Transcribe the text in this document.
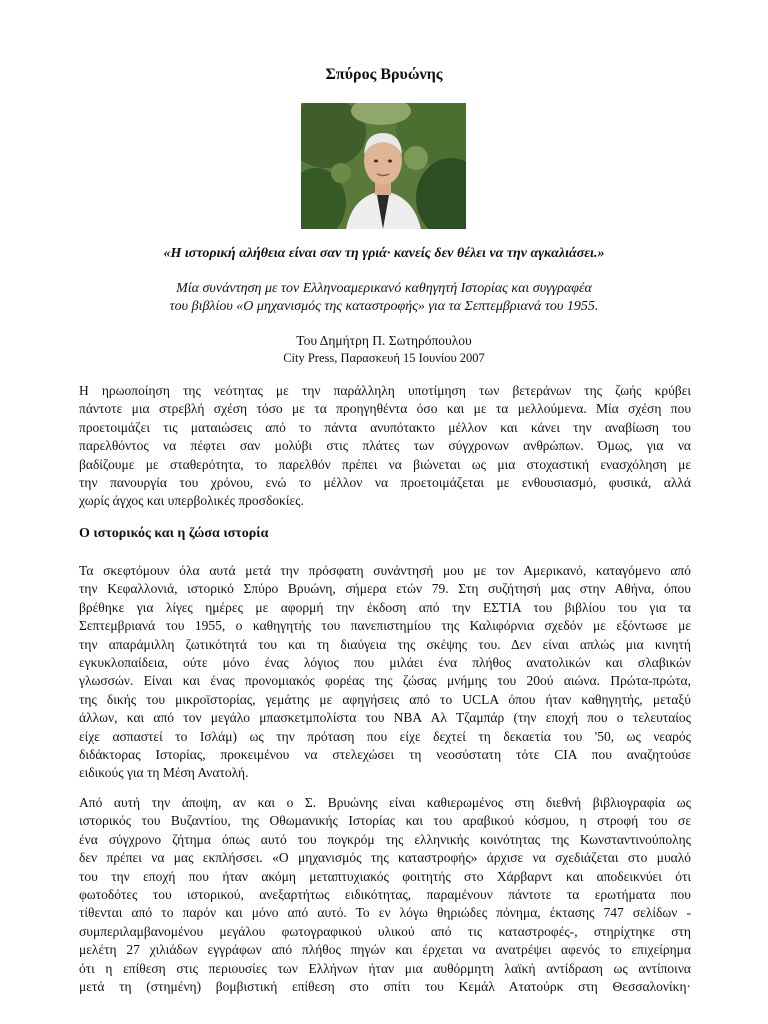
Σπύρος Βρυώνης
«Η ιστορική αλήθεια είναι σαν τη γριά· κανείς δεν θέλει να την αγκαλιάσει.»
Μία συνάντηση με τον Ελληνοαμερικανό καθηγητή Ιστορίας και συγγραφέα
του βιβλίου «Ο μηχανισμός της καταστροφής» για τα Σεπτεμβριανά του 1955.
Του Δημήτρη Π. Σωτηρόπουλου
City Press, Παρασκευή 15 Ιουνίου 2007
Η ηρωοποίηση της νεότητας με την παράλληλη υποτίμηση των βετεράνων της ζωής κρύβει
πάντοτε μια στρεβλή σχέση τόσο με τα προηγηθέντα όσο και με τα μελλούμενα. Μία σχέση που
προετοιμάζει τις ματαιώσεις από το πάντα ανυπότακτο μέλλον και κάνει την αναβίωση του
παρελθόντος να πέφτει σαν μολύβι στις πλάτες των σύγχρονων ανθρώπων. Όμως, για να
βαδίζουμε με σταθερότητα, το παρελθόν πρέπει να βιώνεται ως μια στοχαστική ενασχόληση με
την πανουργία του χρόνου, ενώ το μέλλον να προετοιμάζεται με ενθουσιασμό, φυσικά, αλλά
χωρίς άγχος και υπερβολικές προσδοκίες.
Ο ιστορικός και η ζώσα ιστορία
Τα σκεφτόμουν όλα αυτά μετά την πρόσφατη συνάντησή μου με τον Αμερικανό, καταγόμενο από
την Κεφαλλονιά, ιστορικό Σπύρο Βρυώνη, σήμερα ετών 79. Στη συζήτησή μας στην Αθήνα, όπου
βρέθηκε για λίγες ημέρες με αφορμή την έκδοση από την ΕΣΤΙΑ του βιβλίου του για τα
Σεπτεμβριανά του 1955, ο καθηγητής του πανεπιστημίου της Καλιφόρνια σχεδόν με εξόντωσε με
την απαράμιλλη ζωτικότητά του και τη διαύγεια της σκέψης του. Δεν είναι απλώς μια κινητή
εγκυκλοπαίδεια, ούτε μόνο ένας λόγιος που μιλάει ένα πλήθος ανατολικών και σλαβικών
γλωσσών. Είναι και ένας προνομιακός φορέας της ζώσας μνήμης του 20ού αιώνα. Πρώτα-πρώτα,
της δικής του μικροϊστορίας, γεμάτης με αφηγήσεις από το UCLA όπου ήταν καθηγητής, μεταξύ
άλλων, και από τον μεγάλο μπασκετμπολίστα του NBA Αλ Τζαμπάρ (την εποχή που ο τελευταίος
είχε ασπαστεί το Ισλάμ) ως την πρόταση που είχε δεχτεί τη δεκαετία του '50, ως νεαρός
διδάκτορας Ιστορίας, προκειμένου να στελεχώσει τη νεοσύστατη τότε CIA που αναζητούσε
ειδικούς για τη Μέση Ανατολή.
Από αυτή την άποψη, αν και ο Σ. Βρυώνης είναι καθιερωμένος στη διεθνή βιβλιογραφία ως
ιστορικός του Βυζαντίου, της Οθωμανικής Ιστορίας και του αραβικού κόσμου, η στροφή του σε
ένα σύγχρονο ζήτημα όπως αυτό του πογκρόμ της ελληνικής κοινότητας της Κωνσταντινούπολης
δεν πρέπει να μας εκπλήσσει. «Ο μηχανισμός της καταστροφής» άρχισε να σχεδιάζεται στο μυαλό
του την εποχή που ήταν ακόμη μεταπτυχιακός φοιτητής στο Χάρβαρντ και αποδεικνύει ότι
φωτοδότες του ιστορικού, ανεξαρτήτως ειδικότητας, παραμένουν πάντοτε τα ερωτήματα που
τίθενται από το παρόν και μόνο από αυτό. Το εν λόγω θηριώδες πόνημα, έκτασης 747 σελίδων -
συμπεριλαμβανομένου μεγάλου φωτογραφικού υλικού από τις καταστροφές-, στηρίχτηκε στη
μελέτη 27 χιλιάδων εγγράφων από πλήθος πηγών και έρχεται να ανατρέψει αφενός το επιχείρημα
ότι η επίθεση στις περιουσίες των Ελλήνων ήταν μια αυθόρμητη λαϊκή αντίδραση ως αντίποινα
μετά τη (στημένη) βομβιστική επίθεση στο σπίτι του Κεμάλ Ατατούρκ στη Θεσσαλονίκη·
